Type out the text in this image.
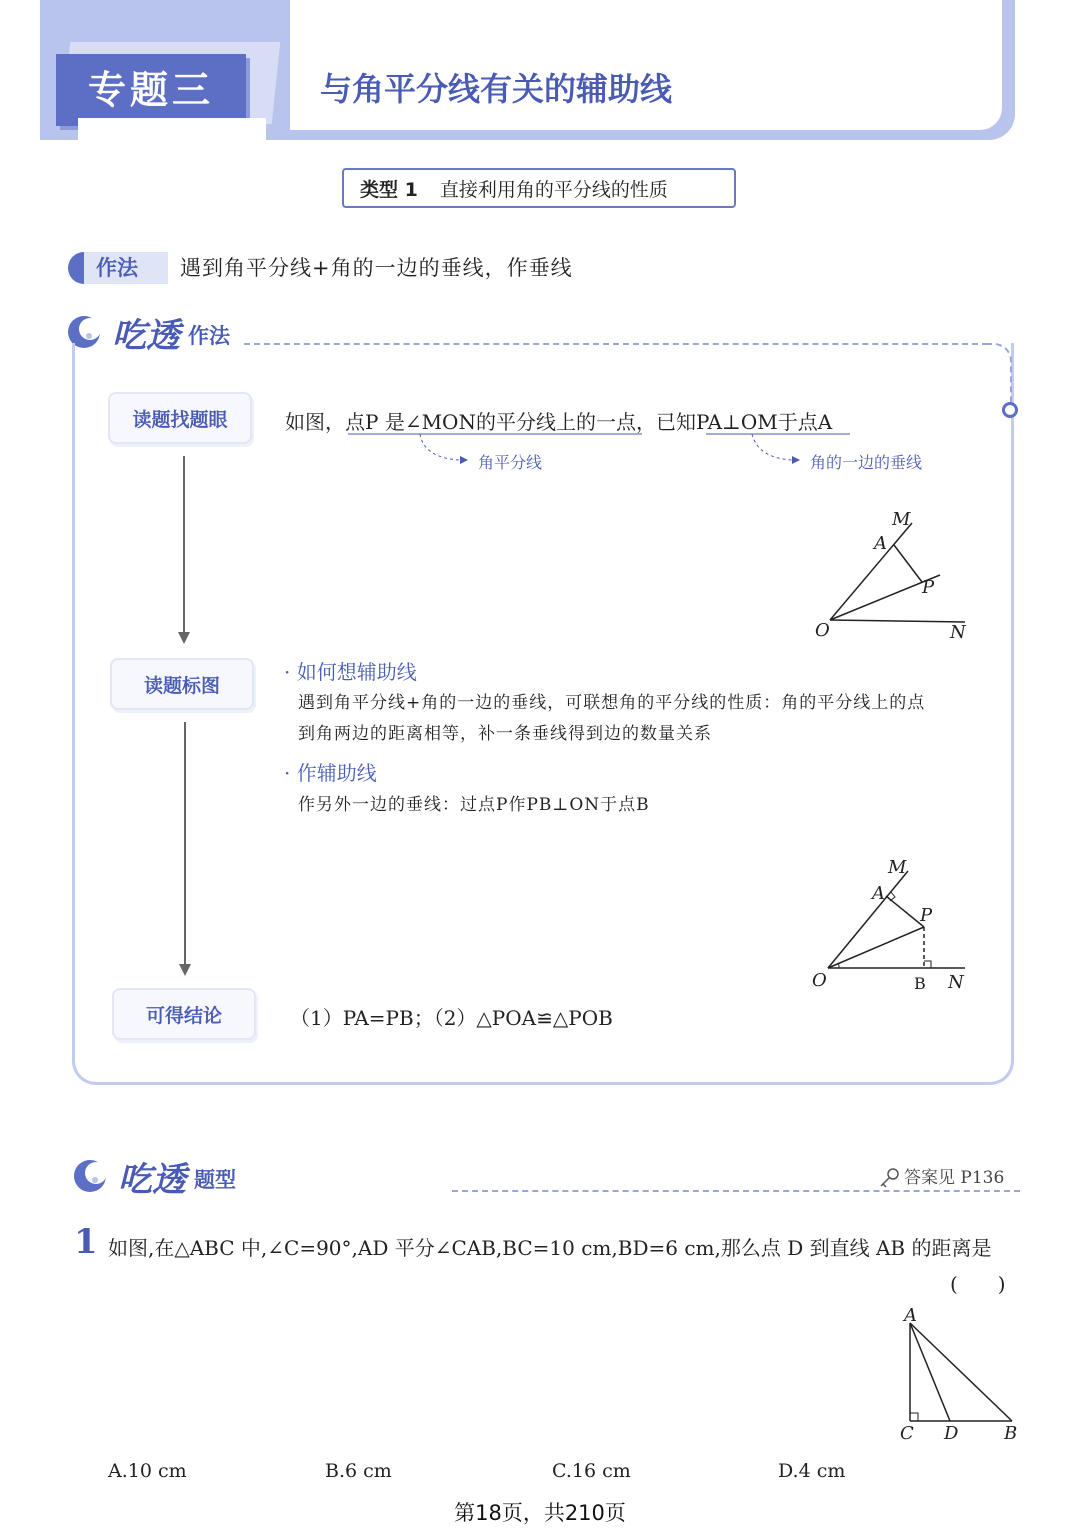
专题三	与角平分线有关的辅助线
类型 1 直接利用角的平分线的性质
作法	遇到角平分线+角的一边的垂线，作垂线
吃透 作法
读题找题眼
读题标图
可得结论
如图，点P 是∠MON的平分线上的一点，已知PA⊥OM于点A
角平分线	角的一边的垂线
M
A
P
O	N
· 如何想辅助线
遇到角平分线+角的一边的垂线，可联想角的平分线的性质：角的平分线上的点
到角两边的距离相等，补一条垂线得到边的数量关系
· 作辅助线
作另外一边的垂线：过点P作PB⊥ON于点B
M
A
P
O	B N
（1）PA=PB；（2）△POA≌△POB
吃透 题型	答案见 P136
1 如图,在△ABC 中,∠C=90°,AD 平分∠CAB,BC=10 cm,BD=6 cm,那么点 D 到直线 AB 的距离是
(　　)
A
C D	B
A.10 cm	B.6 cm	C.16 cm	D.4 cm
第18页，共210页
